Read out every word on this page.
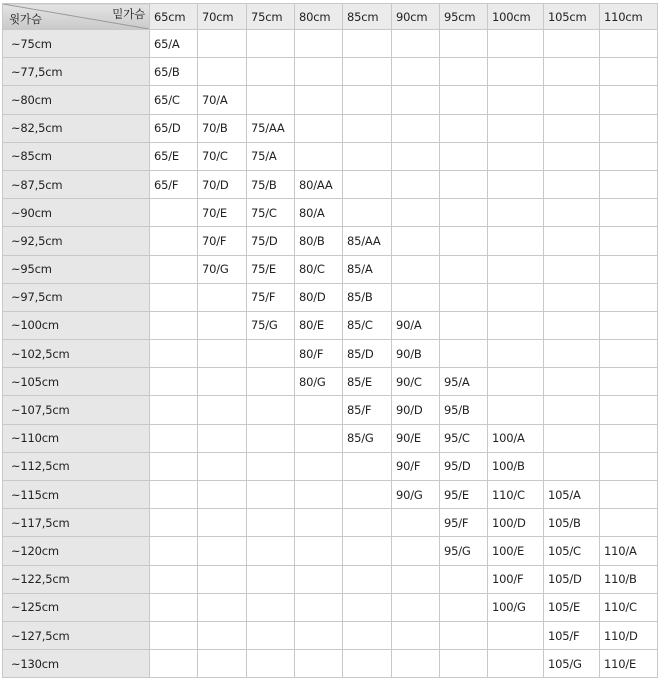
밑가슴
윗가슴	65cm	70cm	75cm	80cm	85cm	90cm	95cm	100cm	105cm	110cm
~75cm	65/A									
~77,5cm	65/B									
~80cm	65/C	70/A								
~82,5cm	65/D	70/B	75/AA							
~85cm	65/E	70/C	75/A							
~87,5cm	65/F	70/D	75/B	80/AA						
~90cm		70/E	75/C	80/A						
~92,5cm		70/F	75/D	80/B	85/AA					
~95cm		70/G	75/E	80/C	85/A					
~97,5cm			75/F	80/D	85/B					
~100cm			75/G	80/E	85/C	90/A				
~102,5cm				80/F	85/D	90/B				
~105cm				80/G	85/E	90/C	95/A			
~107,5cm					85/F	90/D	95/B			
~110cm					85/G	90/E	95/C	100/A		
~112,5cm						90/F	95/D	100/B		
~115cm						90/G	95/E	110/C	105/A	
~117,5cm							95/F	100/D	105/B	
~120cm							95/G	100/E	105/C	110/A
~122,5cm								100/F	105/D	110/B
~125cm								100/G	105/E	110/C
~127,5cm									105/F	110/D
~130cm									105/G	110/E
